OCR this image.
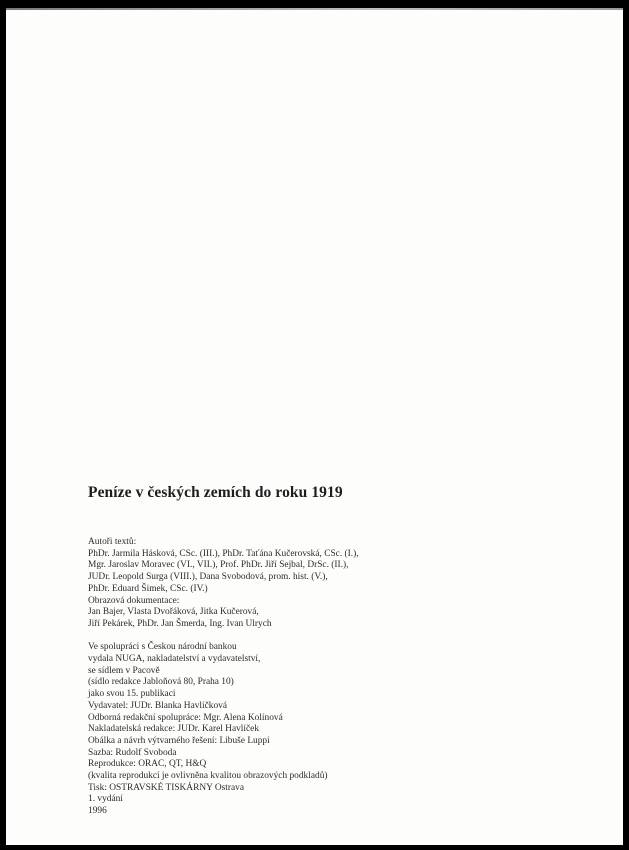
Peníze v českých zemích do roku 1919
Autoři textů:
PhDr. Jarmila Hásková, CSc. (III.), PhDr. Taťána Kučerovská, CSc. (I.),
Mgr. Jaroslav Moravec (VI., VII.), Prof. PhDr. Jiří Sejbal, DrSc. (II.),
JUDr. Leopold Surga (VIII.), Dana Svobodová, prom. hist. (V.),
PhDr. Eduard Šimek, CSc. (IV.)
Obrazová dokumentace:
Jan Bajer, Vlasta Dvořáková, Jitka Kučerová,
Jiří Pekárek, PhDr. Jan Šmerda, Ing. Ivan Ulrych
Ve spolupráci s Českou národní bankou
vydala NUGA, nakladatelství a vydavatelství,
se sídlem v Pacově
(sídlo redakce Jabloňová 80, Praha 10)
jako svou 15. publikaci
Vydavatel: JUDr. Blanka Havlíčková
Odborná redakční spolupráce: Mgr. Alena Kolínová
Nakladatelská redakce: JUDr. Karel Havlíček
Obálka a návrh výtvarného řešení: Libuše Luppi
Sazba: Rudolf Svoboda
Reprodukce: ORAC, QT, H&Q
(kvalita reprodukcí je ovlivněna kvalitou obrazových podkladů)
Tisk: OSTRAVSKÉ TISKÁRNY Ostrava
1. vydání
1996
